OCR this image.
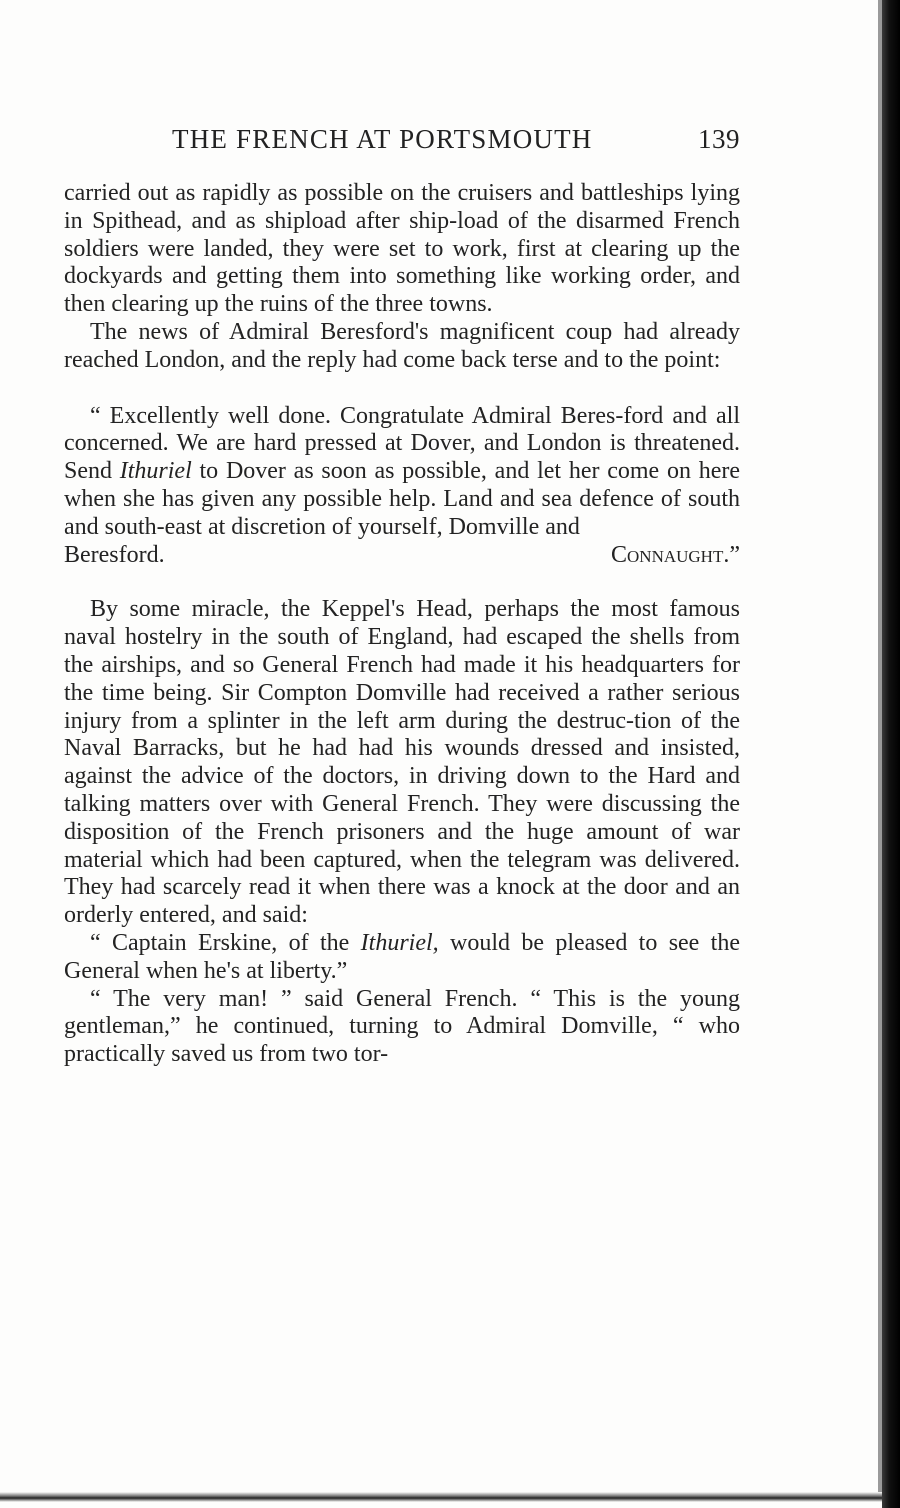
THE FRENCH AT PORTSMOUTH	139

carried out as rapidly as possible on the cruisers and battleships lying in Spithead, and as shipload after ship-load of the disarmed French soldiers were landed, they were set to work, first at clearing up the dockyards and getting them into something like working order, and then clearing up the ruins of the three towns.

The news of Admiral Beresford's magnificent coup had already reached London, and the reply had come back terse and to the point:

“ Excellently well done. Congratulate Admiral Beres-ford and all concerned. We are hard pressed at Dover, and London is threatened. Send Ithuriel to Dover as soon as possible, and let her come on here when she has given any possible help. Land and sea defence of south and south-east at discretion of yourself, Domville and

Beresford.	Connaught.”

By some miracle, the Keppel's Head, perhaps the most famous naval hostelry in the south of England, had escaped the shells from the airships, and so General French had made it his headquarters for the time being. Sir Compton Domville had received a rather serious injury from a splinter in the left arm during the destruc-tion of the Naval Barracks, but he had had his wounds dressed and insisted, against the advice of the doctors, in driving down to the Hard and talking matters over with General French. They were discussing the disposition of the French prisoners and the huge amount of war material which had been captured, when the telegram was delivered. They had scarcely read it when there was a knock at the door and an orderly entered, and said:

“ Captain Erskine, of the Ithuriel, would be pleased to see the General when he's at liberty.”

“ The very man! ” said General French. “ This is the young gentleman,” he continued, turning to Admiral Domville, “ who practically saved us from two tor-
